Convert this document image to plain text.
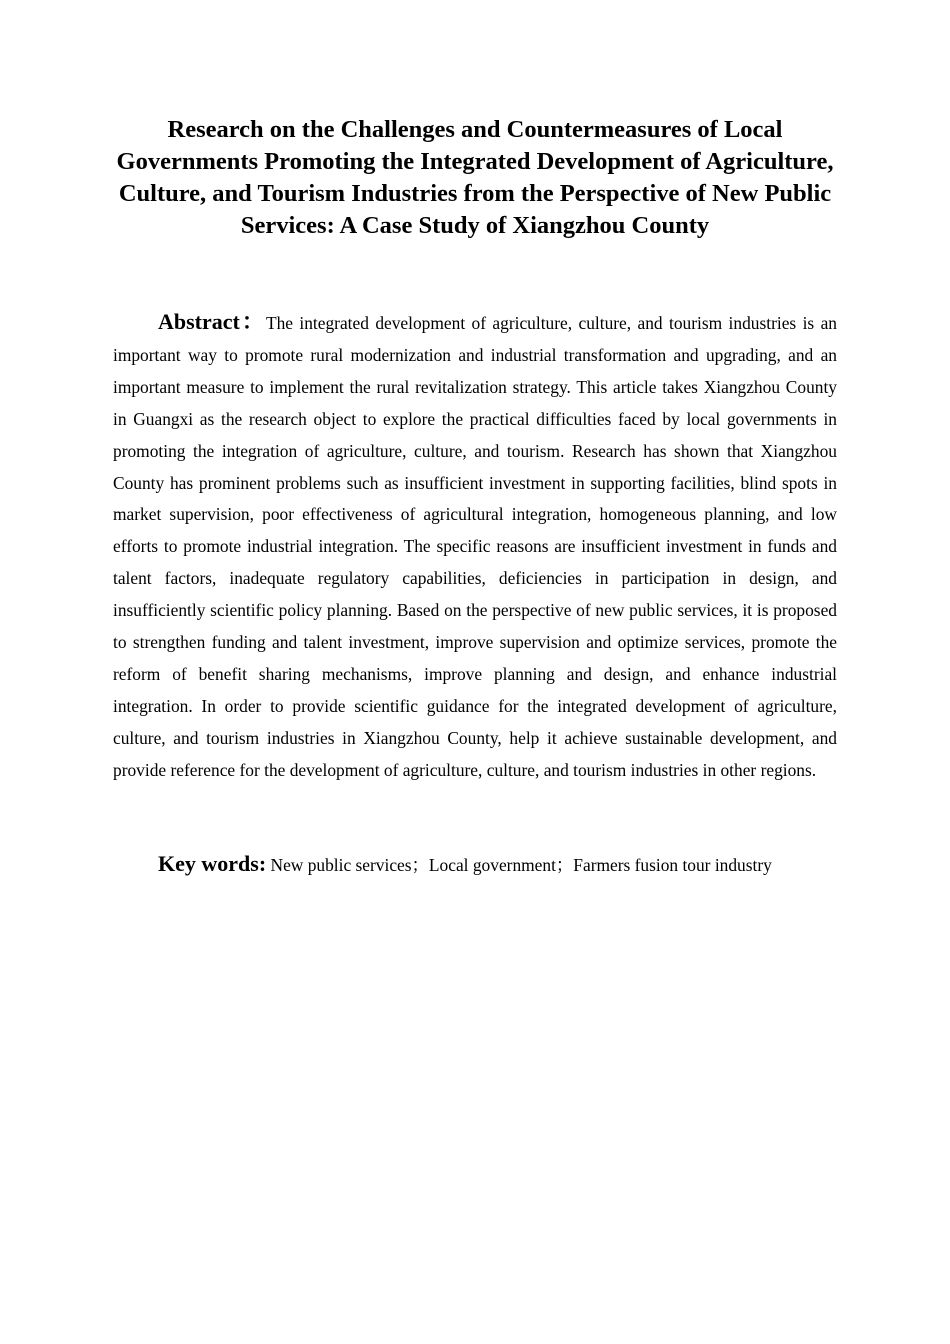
Research on the Challenges and Countermeasures of Local Governments Promoting the Integrated Development of Agriculture, Culture, and Tourism Industries from the Perspective of New Public Services: A Case Study of Xiangzhou County

Abstract：The integrated development of agriculture, culture, and tourism industries is an important way to promote rural modernization and industrial transformation and upgrading, and an important measure to implement the rural revitalization strategy. This article takes Xiangzhou County in Guangxi as the research object to explore the practical difficulties faced by local governments in promoting the integration of agriculture, culture, and tourism. Research has shown that Xiangzhou County has prominent problems such as insufficient investment in supporting facilities, blind spots in market supervision, poor effectiveness of agricultural integration, homogeneous planning, and low efforts to promote industrial integration. The specific reasons are insufficient investment in funds and talent factors, inadequate regulatory capabilities, deficiencies in participation in design, and insufficiently scientific policy planning. Based on the perspective of new public services, it is proposed to strengthen funding and talent investment, improve supervision and optimize services, promote the reform of benefit sharing mechanisms, improve planning and design, and enhance industrial integration. In order to provide scientific guidance for the integrated development of agriculture, culture, and tourism industries in Xiangzhou County, help it achieve sustainable development, and provide reference for the development of agriculture, culture, and tourism industries in other regions.

Key words: New public services；Local government；Farmers fusion tour industry
